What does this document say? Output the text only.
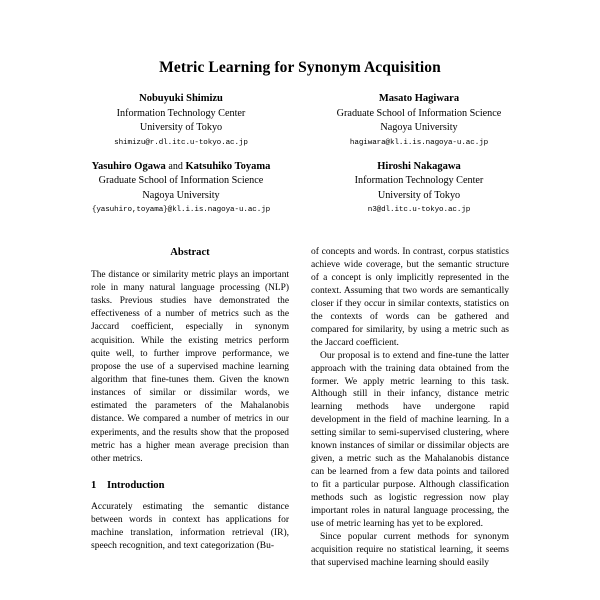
Metric Learning for Synonym Acquisition

Nobuyuki Shimizu

Information Technology Center

University of Tokyo

shimizu@r.dl.itc.u-tokyo.ac.jp

Masato Hagiwara

Graduate School of Information Science

Nagoya University

hagiwara@kl.i.is.nagoya-u.ac.jp

Yasuhiro Ogawa and Katsuhiko Toyama

Graduate School of Information Science

Nagoya University

{yasuhiro,toyama}@kl.i.is.nagoya-u.ac.jp

Hiroshi Nakagawa

Information Technology Center

University of Tokyo

n3@dl.itc.u-tokyo.ac.jp

Abstract

The distance or similarity metric plays an important role in many natural language processing (NLP) tasks. Previous studies have demonstrated the effectiveness of a number of metrics such as the Jaccard coefficient, especially in synonym acquisition. While the existing metrics perform quite well, to further improve performance, we propose the use of a supervised machine learning algorithm that fine-tunes them. Given the known instances of similar or dissimilar words, we estimated the parameters of the Mahalanobis distance. We compared a number of metrics in our experiments, and the results show that the proposed metric has a higher mean average precision than other metrics.

1	Introduction

Accurately estimating the semantic distance between words in context has applications for machine translation, information retrieval (IR), speech recognition, and text categorization (Bu-

of concepts and words. In contrast, corpus statistics achieve wide coverage, but the semantic structure of a concept is only implicitly represented in the context. Assuming that two words are semantically closer if they occur in similar contexts, statistics on the contexts of words can be gathered and compared for similarity, by using a metric such as the Jaccard coefficient.

Our proposal is to extend and fine-tune the latter approach with the training data obtained from the former. We apply metric learning to this task. Although still in their infancy, distance metric learning methods have undergone rapid development in the field of machine learning. In a setting similar to semi-supervised clustering, where known instances of similar or dissimilar objects are given, a metric such as the Mahalanobis distance can be learned from a few data points and tailored to fit a particular purpose. Although classification methods such as logistic regression now play important roles in natural language processing, the use of metric learning has yet to be explored.

Since popular current methods for synonym acquisition require no statistical learning, it seems that supervised machine learning should easily
